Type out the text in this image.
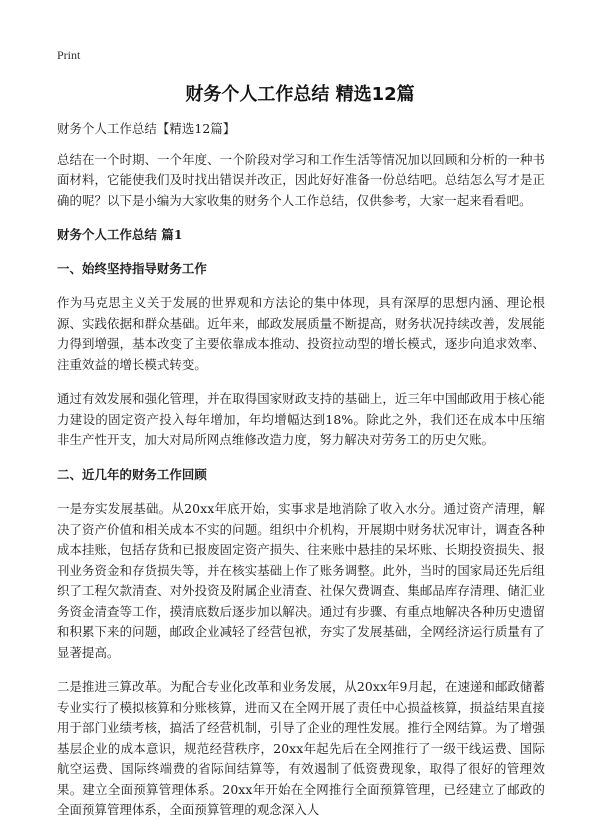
Print
财务个人工作总结 精选12篇

财务个人工作总结【精选12篇】

总结在一个时期、一个年度、一个阶段对学习和工作生活等情况加以回顾和分析的一种书面材料，它能使我们及时找出错误并改正，因此好好准备一份总结吧。总结怎么写才是正确的呢？以下是小编为大家收集的财务个人工作总结，仅供参考，大家一起来看看吧。

财务个人工作总结 篇1

一、始终坚持指导财务工作

作为马克思主义关于发展的世界观和方法论的集中体现，具有深厚的思想内涵、理论根源、实践依据和群众基础。近年来，邮政发展质量不断提高，财务状况持续改善，发展能力得到增强，基本改变了主要依靠成本推动、投资拉动型的增长模式，逐步向追求效率、注重效益的增长模式转变。

通过有效发展和强化管理，并在取得国家财政支持的基础上，近三年中国邮政用于核心能力建设的固定资产投入每年增加，年均增幅达到18%。除此之外，我们还在成本中压缩非生产性开支，加大对局所网点维修改造力度，努力解决对劳务工的历史欠账。

二、近几年的财务工作回顾

一是夯实发展基础。从20xx年底开始，实事求是地消除了收入水分。通过资产清理，解决了资产价值和相关成本不实的问题。组织中介机构，开展期中财务状况审计，调查各种成本挂账，包括存货和已报废固定资产损失、往来账中悬挂的呆坏账、长期投资损失、报刊业务资金和存货损失等，并在核实基础上作了账务调整。此外，当时的国家局还先后组织了工程欠款清查、对外投资及附属企业清查、社保欠费调查、集邮品库存清理、储汇业务资金清查等工作，摸清底数后逐步加以解决。通过有步骤、有重点地解决各种历史遗留和积累下来的问题，邮政企业减轻了经营包袱，夯实了发展基础，全网经济运行质量有了显著提高。

二是推进三算改革。为配合专业化改革和业务发展，从20xx年9月起，在速递和邮政储蓄专业实行了模拟核算和分账核算，进而又在全网开展了责任中心损益核算，损益结果直接用于部门业绩考核，搞活了经营机制，引导了企业的理性发展。推行全网结算。为了增强基层企业的成本意识，规范经营秩序，20xx年起先后在全网推行了一级干线运费、国际航空运费、国际终端费的省际间结算等，有效遏制了低资费现象，取得了很好的管理效果。建立全面预算管理体系。20xx年开始在全网推行全面预算管理，已经建立了邮政的全面预算管理体系，全面预算管理的观念深入人
